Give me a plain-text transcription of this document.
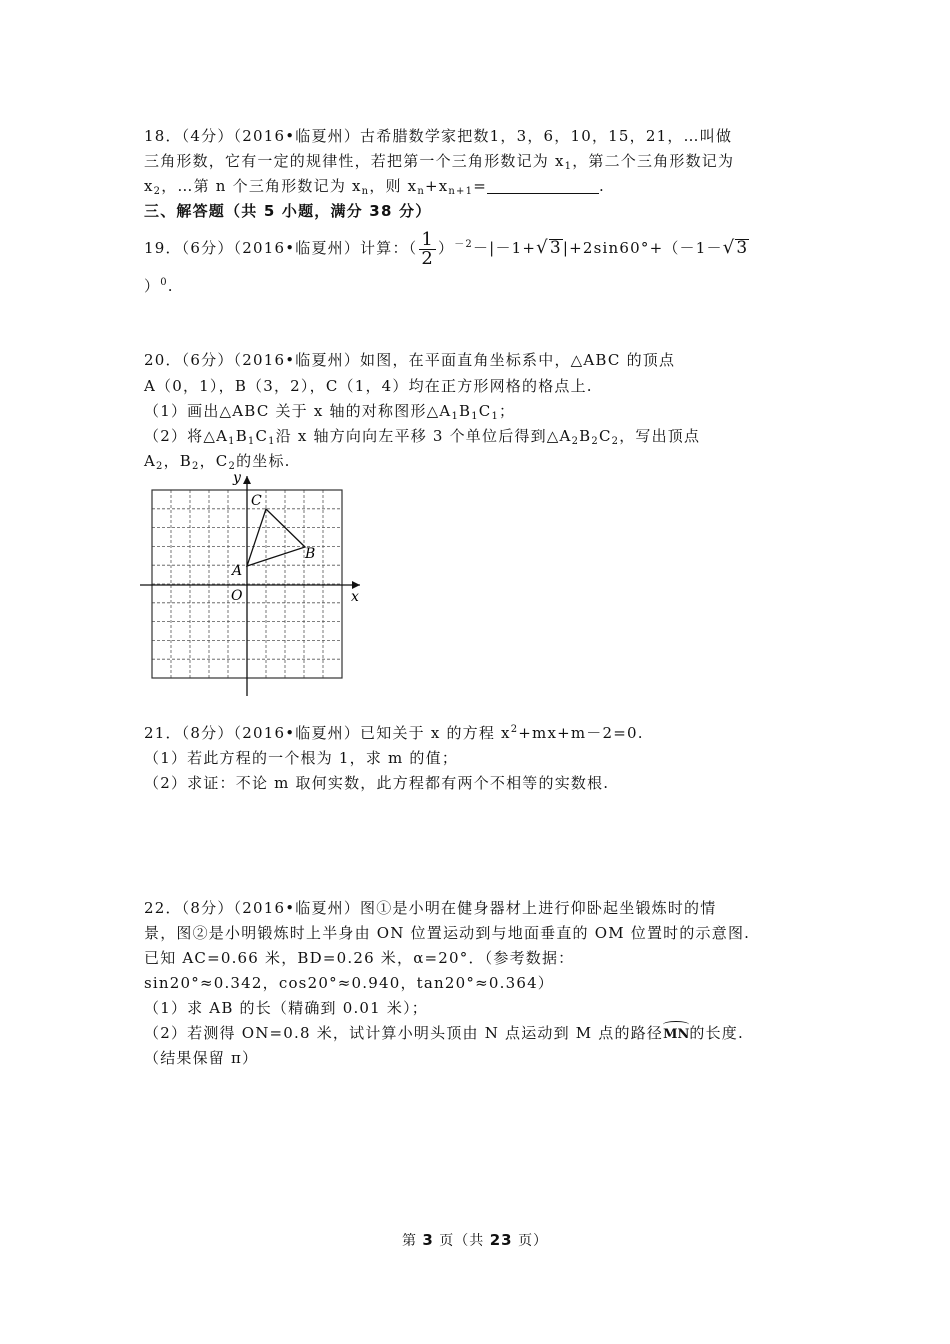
18．（4分）（2016•临夏州）古希腊数学家把数1，3，6，10，15，21，…叫做
三角形数，它有一定的规律性，若把第一个三角形数记为 $x_1$，第二个三角形数记为
$x_2$，…第 n 个三角形数记为 $x_n$，则 $x_n+x_{n+1}=$	.
三、解答题（共 5 小题，满分 38 分）
19．（6分）（2016•临夏州）计算：（ $\frac{1}{2} )^{-2}-|-1+√3|+2\sin 60^\circ+(-1-√3$
）$^0$.
20．（6分）（2016•临夏州）如图，在平面直角坐标系中，△ABC 的顶点
A（0，1），B（3，2），C（1，4）均在正方形网格的格点上.
（1）画出△ABC 关于 x 轴的对称图形$\triangle A_1B_1C_1$；
（2）将$\triangle A_1B_1C_1$沿 x 轴方向向左平移 3 个单位后得到$\triangle A_2B_2C_2$，写出顶点
$A_2$，$B_2$，$C_2$的坐标.
y
x
O
A
B
C
21．（8分）（2016•临夏州）已知关于 x 的方程 $x^2+mx+m-2=0$.
（1）若此方程的一个根为 1，求 m 的值；
（2）求证：不论 m 取何实数，此方程都有两个不相等的实数根.
22．（8分）（2016•临夏州）图①是小明在健身器材上进行仰卧起坐锻炼时的情
景，图②是小明锻炼时上半身由 ON 位置运动到与地面垂直的 OM 位置时的示意图.
已知 AC=0.66 米，BD=0.26 米，α=20°．（参考数据：
sin20°≈0.342，cos20°≈0.940，tan20°≈0.364）
（1）求 AB 的长（精确到 0.01 米）；
（2）若测得 ON=0.8 米，试计算小明头顶由 N 点运动到 M 点的路径MN的长度.
（结果保留 π）
第 3 页（共 23 页）
